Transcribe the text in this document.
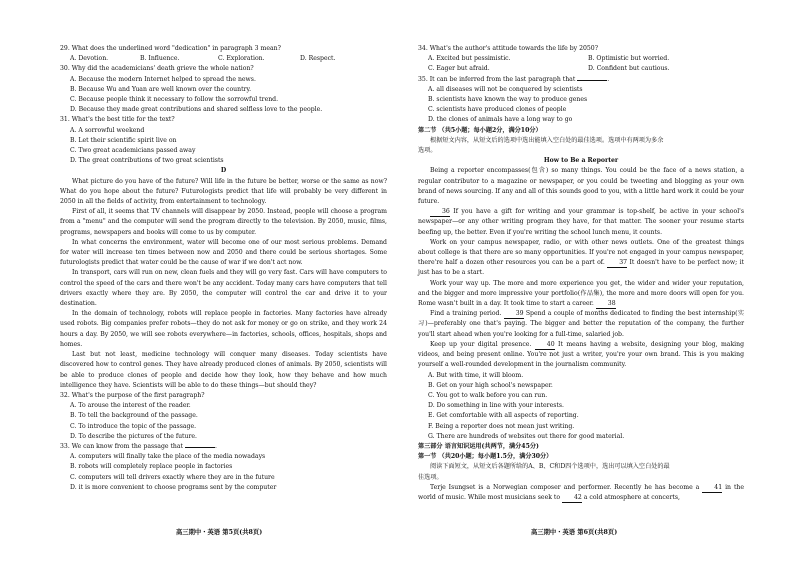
29. What does the underlined word "dedication" in paragraph 3 mean?
A. Devotion.	B. Influence.	C. Exploration.	D. Respect.
30. Why did the academicians' death grieve the whole nation?
A. Because the modern Internet helped to spread the news.
B. Because Wu and Yuan are well known over the country.
C. Because people think it necessary to follow the sorrowful trend.
D. Because they made great contributions and shared selfless love to the people.
31. What's the best title for the text?
A. A sorrowful weekend
B. Let their scientific spirit live on
C. Two great academicians passed away
D. The great contributions of two great scientists
D
What picture do you have of the future? Will life in the future be better, worse or the same as now? What do you hope about the future? Futurologists predict that life will probably be very different in 2050 in all the fields of activity, from entertainment to technology.
First of all, it seems that TV channels will disappear by 2050. Instead, people will choose a program from a "menu" and the computer will send the program directly to the television. By 2050, music, films, programs, newspapers and books will come to us by computer.
In what concerns the environment, water will become one of our most serious problems. Demand for water will increase ten times between now and 2050 and there could be serious shortages. Some futurologists predict that water could be the cause of war if we don't act now.
In transport, cars will run on new, clean fuels and they will go very fast. Cars will have computers to control the speed of the cars and there won't be any accident. Today many cars have computers that tell drivers exactly where they are. By 2050, the computer will control the car and drive it to your destination.
In the domain of technology, robots will replace people in factories. Many factories have already used robots. Big companies prefer robots—they do not ask for money or go on strike, and they work 24 hours a day. By 2050, we will see robots everywhere—in factories, schools, offices, hospitals, shops and homes.
Last but not least, medicine technology will conquer many diseases. Today scientists have discovered how to control genes. They have already produced clones of animals. By 2050, scientists will be able to produce clones of people and decide how they look, how they behave and how much intelligence they have. Scientists will be able to do these things—but should they?
32. What's the purpose of the first paragraph?
A. To arouse the interest of the reader.
B. To tell the background of the passage.
C. To introduce the topic of the passage.
D. To describe the pictures of the future.
33. We can know from the passage that	.
A. computers will finally take the place of the media nowadays
B. robots will completely replace people in factories
C. computers will tell drivers exactly where they are in the future
D. it is more convenient to choose programs sent by the computer
34. What's the author's attitude towards the life by 2050?
A. Excited but pessimistic.	B. Optimistic but worried.
C. Eager but afraid.	D. Confident but cautious.
35. It can be inferred from the last paragraph that	.
A. all diseases will not be conquered by scientists
B. scientists have known the way to produce genes
C. scientists have produced clones of people
D. the clones of animals have a long way to go
第二节 （共5小题；每小题2分，满分10分）
根据短文内容，从短文后的选项中选出能填入空白处的最佳选项。选项中有两项为多余
选项。
How to Be a Reporter
Being a reporter encompasses(包含) so many things. You could be the face of a news station, a regular contributor to a magazine or newspaper, or you could be tweeting and blogging as your own brand of news sourcing. If any and all of this sounds good to you, with a little hard work it could be your future.
36 If you have a gift for writing and your grammar is top-shelf, be active in your school's newspaper—or any other writing program they have, for that matter. The sooner your resume starts beefing up, the better. Even if you're writing the school lunch menu, it counts.
Work on your campus newspaper, radio, or with other news outlets. One of the greatest things about college is that there are so many opportunities. If you're not engaged in your campus newspaper, there're half a dozen other resources you can be a part of. 37 It doesn't have to be perfect now; it just has to be a start.
Work your way up. The more and more experience you get, the wider and wider your reputation, and the bigger and more impressive your portfolio(作品集), the more and more doors will open for you. Rome wasn't built in a day. It took time to start a career. 38
Find a training period. 39 Spend a couple of months dedicated to finding the best internship(实习)—preferably one that's paying. The bigger and better the reputation of the company, the further you'll start ahead when you're looking for a full-time, salaried job.
Keep up your digital presence.	40 It means having a website, designing your blog, making videos, and being present online. You're not just a writer, you're your own brand. This is you making yourself a well-rounded development in the journalism community.
A. But with time, it will bloom.
B. Get on your high school's newspaper.
C. You got to walk before you can run.
D. Do something in line with your interests.
E. Get comfortable with all aspects of reporting.
F. Being a reporter does not mean just writing.
G. There are hundreds of websites out there for good material.
第三部分 语言知识运用(共两节，满分45分)
第一节 （共20小题；每小题1.5分，满分30分）
阅读下面短文，从短文后各题所给的A、B、C和D四个选项中，选出可以填入空白处的最
佳选项。
Terje Isungset is a Norwegian composer and performer. Recently he has become a 41 in the world of music. While most musicians seek to 42 a cold atmosphere at concerts,
高三期中・英语 第5页(共8页)	高三期中・英语 第6页(共8页)
